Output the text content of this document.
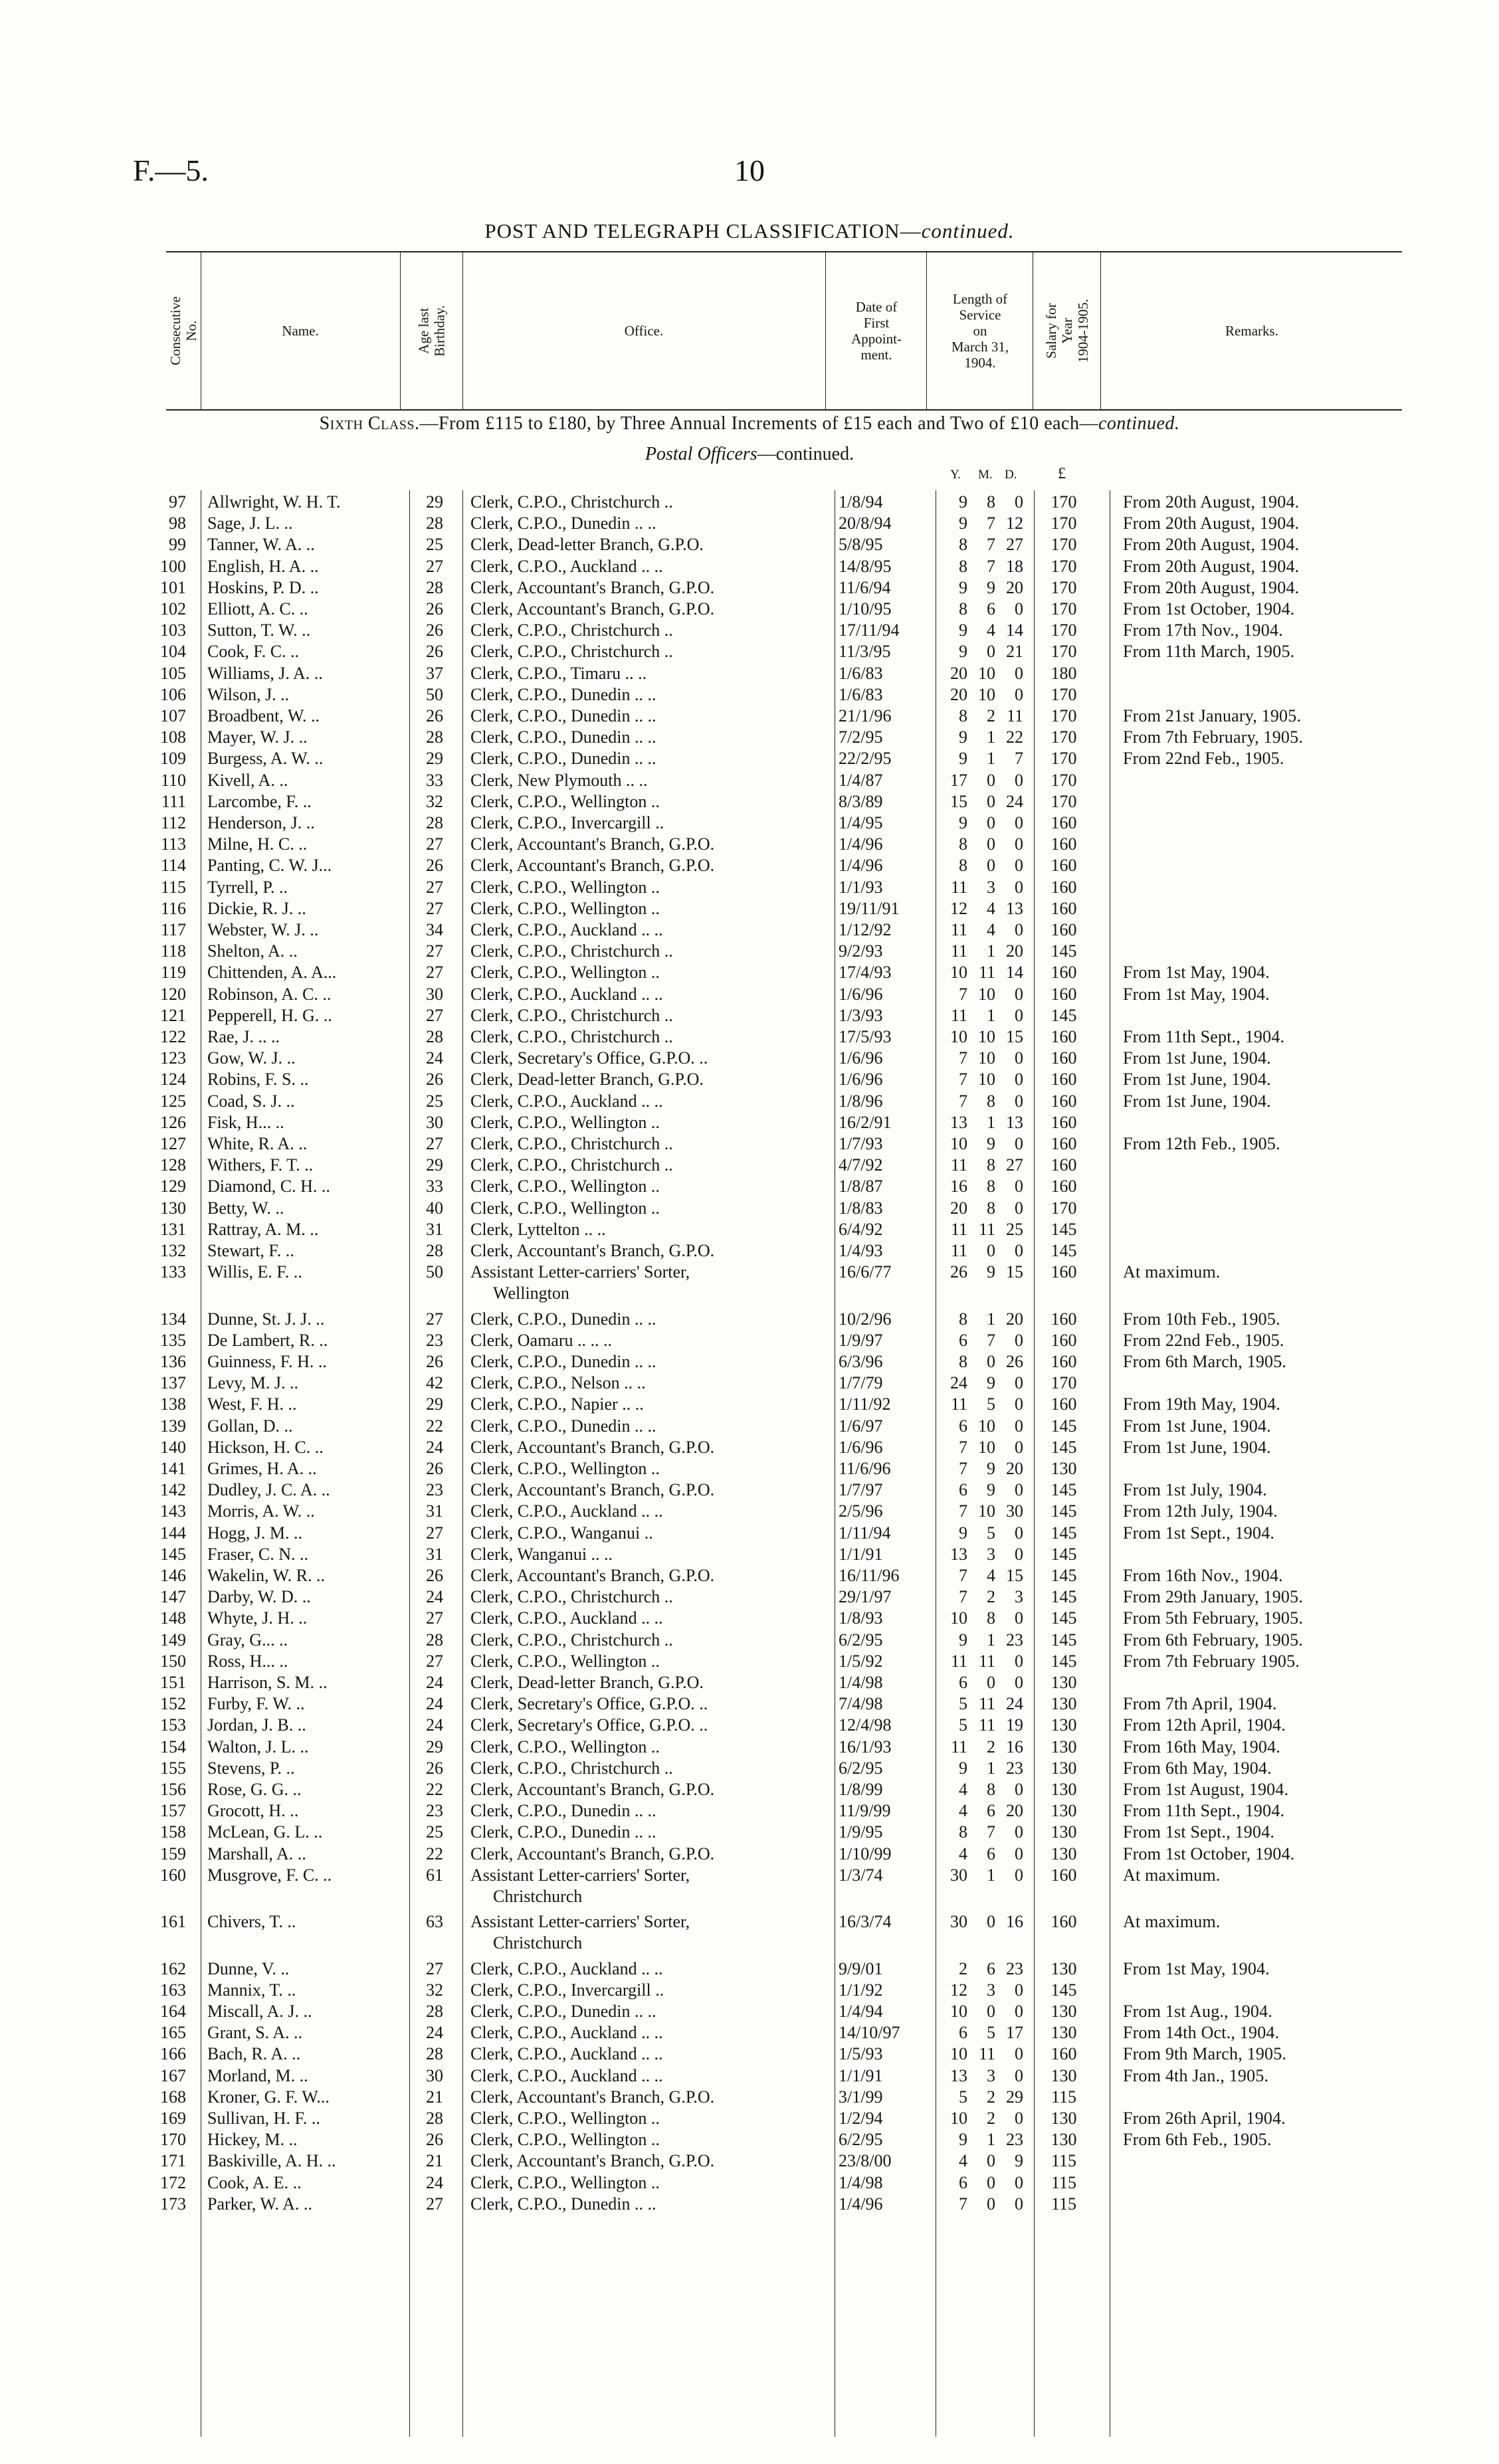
F.—5.	10
POST AND TELEGRAPH CLASSIFICATION—continued.
Consecutive
No.	Name.	Age last
Birthday.	Office.
Date of
First
Appoint-
ment.
Length of
Service
on
March 31,
1904.
Salary for
Year
1904-1905.	Remarks.
Sixth Class.—From £115 to £180, by Three Annual Increments of £15 each and Two of £10 each—continued.
Postal Officers—continued.
Y. M. D.	£
97 Allwright, W. H. T.	29	Clerk, C.P.O., Christchurch ..	1/8/94	9	8	0	170	From 20th August, 1904.
98 Sage, J. L. ..	28	Clerk, C.P.O., Dunedin .. ..	20/8/94	9	7 12	170	From 20th August, 1904.
99 Tanner, W. A. ..	25	Clerk, Dead-letter Branch, G.P.O.	5/8/95	8	7 27	170	From 20th August, 1904.
100 English, H. A. ..	27	Clerk, C.P.O., Auckland .. ..	14/8/95	8	7 18	170	From 20th August, 1904.
101 Hoskins, P. D. ..	28	Clerk, Accountant's Branch, G.P.O.	11/6/94	9	9 20	170	From 20th August, 1904.
102 Elliott, A. C. ..	26	Clerk, Accountant's Branch, G.P.O.	1/10/95	8	6	0	170	From 1st October, 1904.
103 Sutton, T. W. ..	26	Clerk, C.P.O., Christchurch ..	17/11/94	9	4 14	170	From 17th Nov., 1904.
104 Cook, F. C. ..	26	Clerk, C.P.O., Christchurch ..	11/3/95	9	0 21	170	From 11th March, 1905.
105 Williams, J. A. ..	37	Clerk, C.P.O., Timaru .. ..	1/6/83	20 10	0	180
106 Wilson, J. ..	50	Clerk, C.P.O., Dunedin .. ..	1/6/83	20 10	0	170
107 Broadbent, W. ..	26	Clerk, C.P.O., Dunedin .. ..	21/1/96	8	2 11	170	From 21st January, 1905.
108 Mayer, W. J. ..	28	Clerk, C.P.O., Dunedin .. ..	7/2/95	9	1 22	170	From 7th February, 1905.
109 Burgess, A. W. ..	29	Clerk, C.P.O., Dunedin .. ..	22/2/95	9	1	7	170	From 22nd Feb., 1905.
110 Kivell, A. ..	33	Clerk, New Plymouth .. ..	1/4/87	17	0	0	170
111 Larcombe, F. ..	32	Clerk, C.P.O., Wellington ..	8/3/89	15	0 24	170
112 Henderson, J. ..	28	Clerk, C.P.O., Invercargill ..	1/4/95	9	0	0	160
113 Milne, H. C. ..	27	Clerk, Accountant's Branch, G.P.O.	1/4/96	8	0	0	160
114 Panting, C. W. J...	26	Clerk, Accountant's Branch, G.P.O.	1/4/96	8	0	0	160
115 Tyrrell, P. ..	27	Clerk, C.P.O., Wellington ..	1/1/93	11	3	0	160
116 Dickie, R. J. ..	27	Clerk, C.P.O., Wellington ..	19/11/91	12	4 13	160
117 Webster, W. J. ..	34	Clerk, C.P.O., Auckland .. ..	1/12/92	11	4	0	160
118 Shelton, A. ..	27	Clerk, C.P.O., Christchurch ..	9/2/93	11	1 20	145
119 Chittenden, A. A...	27	Clerk, C.P.O., Wellington ..	17/4/93	10 11 14	160	From 1st May, 1904.
120 Robinson, A. C. ..	30	Clerk, C.P.O., Auckland .. ..	1/6/96	7 10	0	160	From 1st May, 1904.
121 Pepperell, H. G. ..	27	Clerk, C.P.O., Christchurch ..	1/3/93	11	1	0	145
122 Rae, J. .. ..	28	Clerk, C.P.O., Christchurch ..	17/5/93	10 10 15	160	From 11th Sept., 1904.
123 Gow, W. J. ..	24	Clerk, Secretary's Office, G.P.O. ..	1/6/96	7 10	0	160	From 1st June, 1904.
124 Robins, F. S. ..	26	Clerk, Dead-letter Branch, G.P.O.	1/6/96	7 10	0	160	From 1st June, 1904.
125 Coad, S. J. ..	25	Clerk, C.P.O., Auckland .. ..	1/8/96	7	8	0	160	From 1st June, 1904.
126 Fisk, H... ..	30	Clerk, C.P.O., Wellington ..	16/2/91	13	1 13	160
127 White, R. A. ..	27	Clerk, C.P.O., Christchurch ..	1/7/93	10	9	0	160	From 12th Feb., 1905.
128 Withers, F. T. ..	29	Clerk, C.P.O., Christchurch ..	4/7/92	11	8 27	160
129 Diamond, C. H. ..	33	Clerk, C.P.O., Wellington ..	1/8/87	16	8	0	160
130 Betty, W. ..	40	Clerk, C.P.O., Wellington ..	1/8/83	20	8	0	170
131 Rattray, A. M. ..	31	Clerk, Lyttelton .. ..	6/4/92	11 11 25	145
132 Stewart, F. ..	28	Clerk, Accountant's Branch, G.P.O.	1/4/93	11	0	0	145
133 Willis, E. F. ..	50	Assistant Letter-carriers' Sorter,	16/6/77	26	9 15	160	At maximum.
Wellington
134 Dunne, St. J. J. ..	27	Clerk, C.P.O., Dunedin .. ..	10/2/96	8	1 20	160	From 10th Feb., 1905.
135 De Lambert, R. ..	23	Clerk, Oamaru .. .. ..	1/9/97	6	7	0	160	From 22nd Feb., 1905.
136 Guinness, F. H. ..	26	Clerk, C.P.O., Dunedin .. ..	6/3/96	8	0 26	160	From 6th March, 1905.
137 Levy, M. J. ..	42	Clerk, C.P.O., Nelson .. ..	1/7/79	24	9	0	170
138 West, F. H. ..	29	Clerk, C.P.O., Napier .. ..	1/11/92	11	5	0	160	From 19th May, 1904.
139 Gollan, D. ..	22	Clerk, C.P.O., Dunedin .. ..	1/6/97	6 10	0	145	From 1st June, 1904.
140 Hickson, H. C. ..	24	Clerk, Accountant's Branch, G.P.O.	1/6/96	7 10	0	145	From 1st June, 1904.
141 Grimes, H. A. ..	26	Clerk, C.P.O., Wellington ..	11/6/96	7	9 20	130
142 Dudley, J. C. A. ..	23	Clerk, Accountant's Branch, G.P.O.	1/7/97	6	9	0	145	From 1st July, 1904.
143 Morris, A. W. ..	31	Clerk, C.P.O., Auckland .. ..	2/5/96	7 10 30	145	From 12th July, 1904.
144 Hogg, J. M. ..	27	Clerk, C.P.O., Wanganui ..	1/11/94	9	5	0	145	From 1st Sept., 1904.
145 Fraser, C. N. ..	31	Clerk, Wanganui .. ..	1/1/91	13	3	0	145
146 Wakelin, W. R. ..	26	Clerk, Accountant's Branch, G.P.O.	16/11/96	7	4 15	145	From 16th Nov., 1904.
147 Darby, W. D. ..	24	Clerk, C.P.O., Christchurch ..	29/1/97	7	2	3	145	From 29th January, 1905.
148 Whyte, J. H. ..	27	Clerk, C.P.O., Auckland .. ..	1/8/93	10	8	0	145	From 5th February, 1905.
149 Gray, G... ..	28	Clerk, C.P.O., Christchurch ..	6/2/95	9	1 23	145	From 6th February, 1905.
150 Ross, H... ..	27	Clerk, C.P.O., Wellington ..	1/5/92	11 11	0	145	From 7th February 1905.
151 Harrison, S. M. ..	24	Clerk, Dead-letter Branch, G.P.O.	1/4/98	6	0	0	130
152 Furby, F. W. ..	24	Clerk, Secretary's Office, G.P.O. ..	7/4/98	5 11 24	130	From 7th April, 1904.
153 Jordan, J. B. ..	24	Clerk, Secretary's Office, G.P.O. ..	12/4/98	5 11 19	130	From 12th April, 1904.
154 Walton, J. L. ..	29	Clerk, C.P.O., Wellington ..	16/1/93	11	2 16	130	From 16th May, 1904.
155 Stevens, P. ..	26	Clerk, C.P.O., Christchurch ..	6/2/95	9	1 23	130	From 6th May, 1904.
156 Rose, G. G. ..	22	Clerk, Accountant's Branch, G.P.O.	1/8/99	4	8	0	130	From 1st August, 1904.
157 Grocott, H. ..	23	Clerk, C.P.O., Dunedin .. ..	11/9/99	4	6 20	130	From 11th Sept., 1904.
158 McLean, G. L. ..	25	Clerk, C.P.O., Dunedin .. ..	1/9/95	8	7	0	130	From 1st Sept., 1904.
159 Marshall, A. ..	22	Clerk, Accountant's Branch, G.P.O.	1/10/99	4	6	0	130	From 1st October, 1904.
160 Musgrove, F. C. ..	61	Assistant Letter-carriers' Sorter,	1/3/74	30	1	0	160	At maximum.
Christchurch
161 Chivers, T. ..	63	Assistant Letter-carriers' Sorter,	16/3/74	30	0 16	160	At maximum.
Christchurch
162 Dunne, V. ..	27	Clerk, C.P.O., Auckland .. ..	9/9/01	2	6 23	130	From 1st May, 1904.
163 Mannix, T. ..	32	Clerk, C.P.O., Invercargill ..	1/1/92	12	3	0	145
164 Miscall, A. J. ..	28	Clerk, C.P.O., Dunedin .. ..	1/4/94	10	0	0	130	From 1st Aug., 1904.
165 Grant, S. A. ..	24	Clerk, C.P.O., Auckland .. ..	14/10/97	6	5 17	130	From 14th Oct., 1904.
166 Bach, R. A. ..	28	Clerk, C.P.O., Auckland .. ..	1/5/93	10 11	0	160	From 9th March, 1905.
167 Morland, M. ..	30	Clerk, C.P.O., Auckland .. ..	1/1/91	13	3	0	130	From 4th Jan., 1905.
168 Kroner, G. F. W...	21	Clerk, Accountant's Branch, G.P.O.	3/1/99	5	2 29	115
169 Sullivan, H. F. ..	28	Clerk, C.P.O., Wellington ..	1/2/94	10	2	0	130	From 26th April, 1904.
170 Hickey, M. ..	26	Clerk, C.P.O., Wellington ..	6/2/95	9	1 23	130	From 6th Feb., 1905.
171 Baskiville, A. H. ..	21	Clerk, Accountant's Branch, G.P.O.	23/8/00	4	0	9	115
172 Cook, A. E. ..	24	Clerk, C.P.O., Wellington ..	1/4/98	6	0	0	115
173 Parker, W. A. ..	27	Clerk, C.P.O., Dunedin .. ..	1/4/96	7	0	0	115
